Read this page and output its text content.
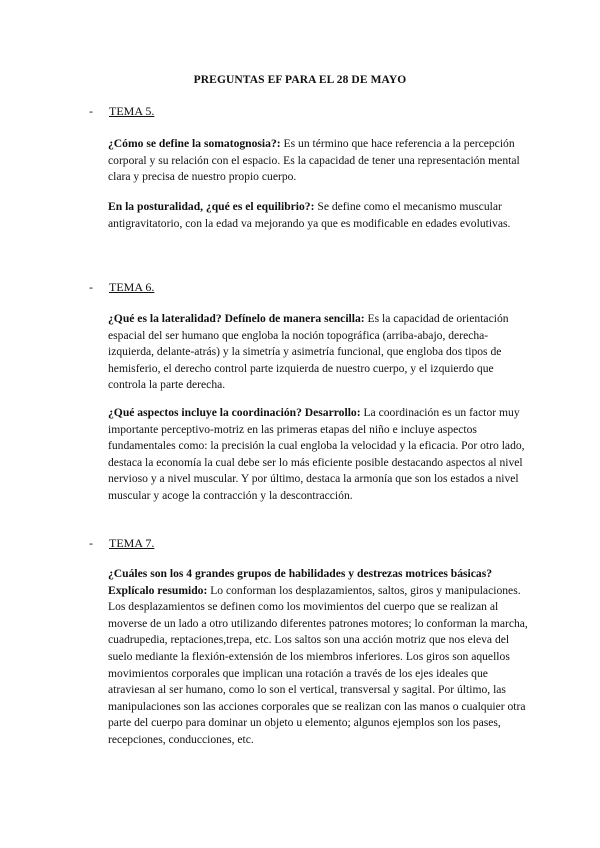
PREGUNTAS EF PARA EL 28 DE MAYO
- TEMA 5.

¿Cómo se define la somatognosia?: Es un término que hace referencia a la percepción corporal y su relación con el espacio. Es la capacidad de tener una representación mental clara y precisa de nuestro propio cuerpo.

En la posturalidad, ¿qué es el equilibrio?: Se define como el mecanismo muscular antigravitatorio, con la edad va mejorando ya que es modificable en edades evolutivas.

- TEMA 6.

¿Qué es la lateralidad? Defínelo de manera sencilla: Es la capacidad de orientación espacial del ser humano que engloba la noción topográfica (arriba-abajo, derecha-izquierda, delante-atrás) y la simetría y asimetría funcional, que engloba dos tipos de hemisferio, el derecho control parte izquierda de nuestro cuerpo, y el izquierdo que controla la parte derecha.

¿Qué aspectos incluye la coordinación? Desarrollo: La coordinación es un factor muy importante perceptivo-motriz en las primeras etapas del niño e incluye aspectos fundamentales como: la precisión la cual engloba la velocidad y la eficacia. Por otro lado, destaca la economía la cual debe ser lo más eficiente posible destacando aspectos al nivel nervioso y a nivel muscular. Y por último, destaca la armonía que son los estados a nivel muscular y acoge la contracción y la descontracción.

- TEMA 7.

¿Cuáles son los 4 grandes grupos de habilidades y destrezas motrices básicas? Explícalo resumido: Lo conforman los desplazamientos, saltos, giros y manipulaciones. Los desplazamientos se definen como los movimientos del cuerpo que se realizan al moverse de un lado a otro utilizando diferentes patrones motores; lo conforman la marcha, cuadrupedia, reptaciones,trepa, etc. Los saltos son una acción motriz que nos eleva del suelo mediante la flexión-extensión de los miembros inferiores. Los giros son aquellos movimientos corporales que implican una rotación a través de los ejes ideales que atraviesan al ser humano, como lo son el vertical, transversal y sagital. Por último, las manipulaciones son las acciones corporales que se realizan con las manos o cualquier otra parte del cuerpo para dominar un objeto u elemento; algunos ejemplos son los pases, recepciones, conducciones, etc.
